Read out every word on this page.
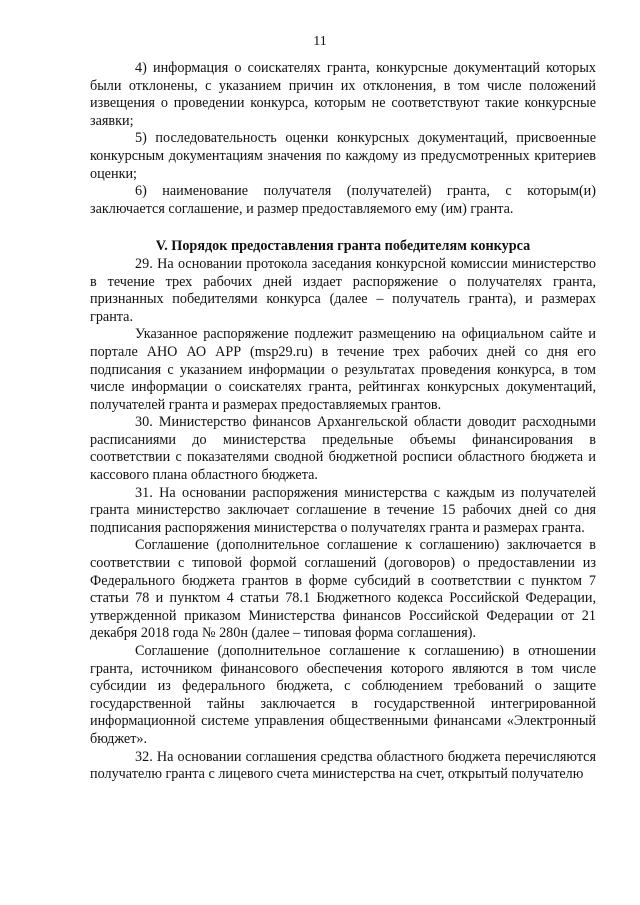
11

4) информация о соискателях гранта, конкурсные документаций которых были отклонены, с указанием причин их отклонения, в том числе положений извещения о проведении конкурса, которым не соответствуют такие конкурсные заявки;

5) последовательность оценки конкурсных документаций, присвоенные конкурсным документациям значения по каждому из предусмотренных критериев оценки;

6) наименование получателя (получателей) гранта, с которым(и) заключается соглашение, и размер предоставляемого ему (им) гранта.

V. Порядок предоставления гранта победителям конкурса

29. На основании протокола заседания конкурсной комиссии министерство в течение трех рабочих дней издает распоряжение о получателях гранта, признанных победителями конкурса (далее – получатель гранта), и размерах гранта.

Указанное распоряжение подлежит размещению на официальном сайте и портале АНО АО АРР (msp29.ru) в течение трех рабочих дней со дня его подписания с указанием информации о результатах проведения конкурса, в том числе информации о соискателях гранта, рейтингах конкурсных документаций, получателей гранта и размерах предоставляемых грантов.

30. Министерство финансов Архангельской области доводит расходными расписаниями до министерства предельные объемы финансирования в соответствии с показателями сводной бюджетной росписи областного бюджета и кассового плана областного бюджета.

31. На основании распоряжения министерства с каждым из получателей гранта министерство заключает соглашение в течение 15 рабочих дней со дня подписания распоряжения министерства о получателях гранта и размерах гранта.

Соглашение (дополнительное соглашение к соглашению) заключается в соответствии с типовой формой соглашений (договоров) о предоставлении из Федерального бюджета грантов в форме субсидий в соответствии с пунктом 7 статьи 78 и пунктом 4 статьи 78.1 Бюджетного кодекса Российской Федерации, утвержденной приказом Министерства финансов Российской Федерации от 21 декабря 2018 года № 280н (далее – типовая форма соглашения).

Соглашение (дополнительное соглашение к соглашению) в отношении гранта, источником финансового обеспечения которого являются в том числе субсидии из федерального бюджета, с соблюдением требований о защите государственной тайны заключается в государственной интегрированной информационной системе управления общественными финансами «Электронный бюджет».

32. На основании соглашения средства областного бюджета перечисляются получателю гранта с лицевого счета министерства на счет, открытый получателю
